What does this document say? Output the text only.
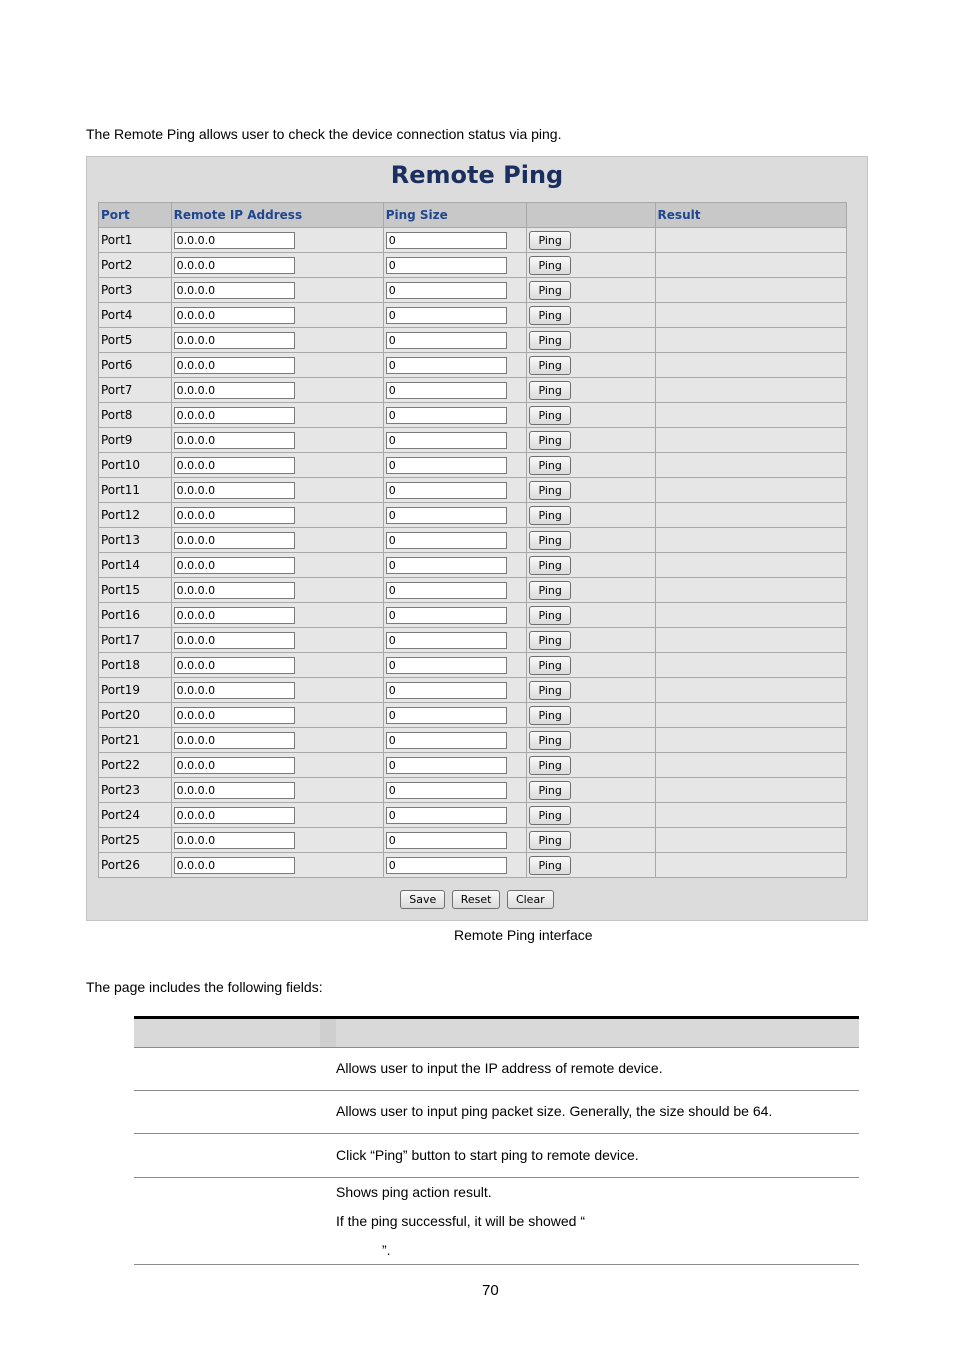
The Remote Ping allows user to check the device connection status via ping.
Port	Remote IP Address	Ping Size		Result
Port1	0.0.0.0	0	Ping	
Port2	0.0.0.0	0	Ping	
Port3	0.0.0.0	0	Ping	
Port4	0.0.0.0	0	Ping	
Port5	0.0.0.0	0	Ping	
Port6	0.0.0.0	0	Ping	
Port7	0.0.0.0	0	Ping	
Port8	0.0.0.0	0	Ping	
Port9	0.0.0.0	0	Ping	
Port10	0.0.0.0	0	Ping	
Port11	0.0.0.0	0	Ping	
Port12	0.0.0.0	0	Ping	
Port13	0.0.0.0	0	Ping	
Port14	0.0.0.0	0	Ping	
Port15	0.0.0.0	0	Ping	
Port16	0.0.0.0	0	Ping	
Port17	0.0.0.0	0	Ping	
Port18	0.0.0.0	0	Ping	
Port19	0.0.0.0	0	Ping	
Port20	0.0.0.0	0	Ping	
Port21	0.0.0.0	0	Ping	
Port22	0.0.0.0	0	Ping	
Port23	0.0.0.0	0	Ping	
Port24	0.0.0.0	0	Ping	
Port25	0.0.0.0	0	Ping	
Port26	0.0.0.0	0	Ping	
Save Reset Clear
Remote Ping
Remote Ping interface
The page includes the following fields:
Allows user to input the IP address of remote device.
Allows user to input ping packet size. Generally, the size should be 64.
Click “Ping” button to start ping to remote device.
Shows ping action result.
If the ping successful, it will be showed “
”.
70
